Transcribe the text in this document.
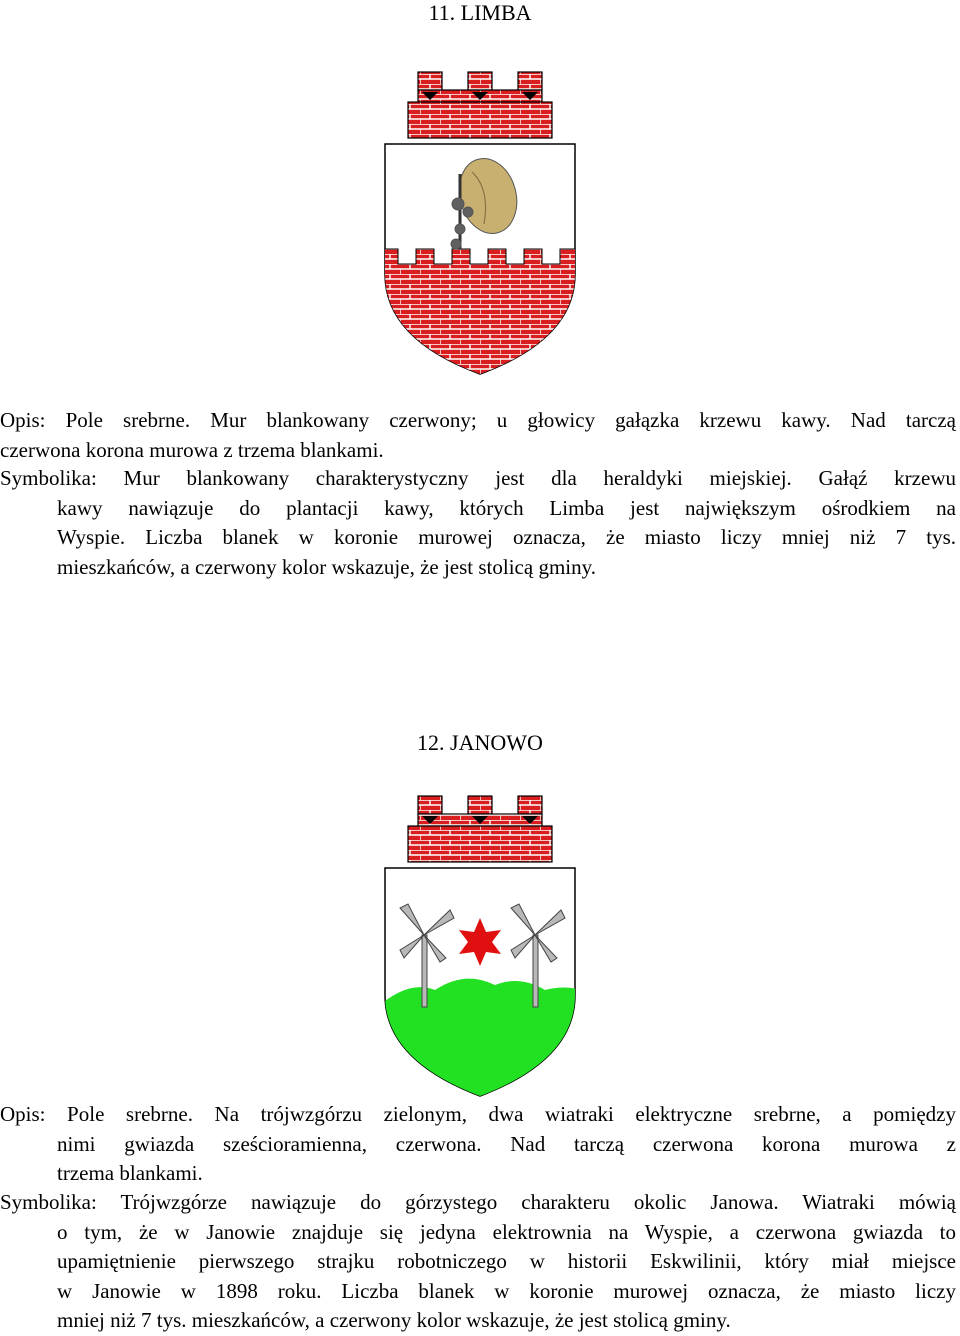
11. LIMBA

Opis: Pole srebrne. Mur blankowany czerwony; u głowicy gałązka krzewu kawy. Nad tarczą
czerwona korona murowa z trzema blankami.

Symbolika: Mur blankowany charakterystyczny jest dla heraldyki miejskiej. Gałąź krzewu
kawy nawiązuje do plantacji kawy, których Limba jest największym ośrodkiem na
Wyspie. Liczba blanek w koronie murowej oznacza, że miasto liczy mniej niż 7 tys.
mieszkańców, a czerwony kolor wskazuje, że jest stolicą gminy.

12. JANOWO

Opis: Pole srebrne. Na trójwzgórzu zielonym, dwa wiatraki elektryczne srebrne, a pomiędzy
nimi gwiazda sześcioramienna, czerwona. Nad tarczą czerwona korona murowa z
trzema blankami.

Symbolika: Trójwzgórze nawiązuje do górzystego charakteru okolic Janowa. Wiatraki mówią
o tym, że w Janowie znajduje się jedyna elektrownia na Wyspie, a czerwona gwiazda to
upamiętnienie pierwszego strajku robotniczego w historii Eskwilinii, który miał miejsce
w Janowie w 1898 roku. Liczba blanek w koronie murowej oznacza, że miasto liczy
mniej niż 7 tys. mieszkańców, a czerwony kolor wskazuje, że jest stolicą gminy.
